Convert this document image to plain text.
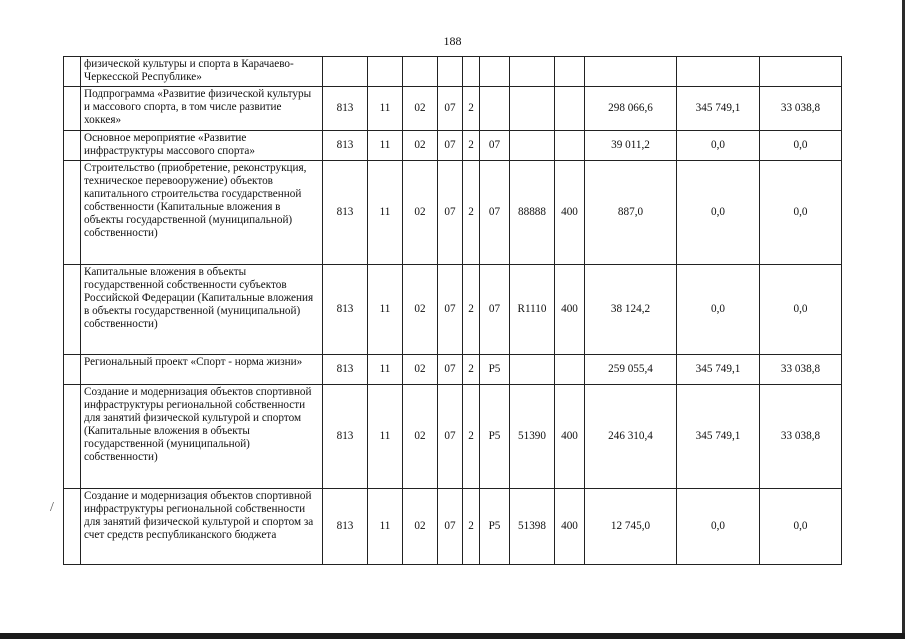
188
	физической культуры и спорта в Карачаево-Черкесской Республике»											
	Подпрограмма «Развитие физической культуры и массового спорта, в том числе развитие хоккея»	813	11	02	07	2				298 066,6	345 749,1	33 038,8
	Основное мероприятие «Развитие инфраструктуры массового спорта»	813	11	02	07	2	07			39 011,2	0,0	0,0
	Строительство (приобретение, реконструкция, техническое перевооружение) объектов капитального строительства государственной собственности (Капитальные вложения в объекты государственной (муниципальной) собственности)	813	11	02	07	2	07	88888	400	887,0	0,0	0,0
	Капитальные вложения в объекты государственной собственности субъектов Российской Федерации (Капитальные вложения в объекты государственной (муниципальной) собственности)	813	11	02	07	2	07	R1110	400	38 124,2	0,0	0,0
	Региональный проект «Спорт - норма жизни»	813	11	02	07	2	P5			259 055,4	345 749,1	33 038,8
	Создание и модернизация объектов спортивной инфраструктуры региональной собственности для занятий физической культурой и спортом (Капитальные вложения в объекты государственной (муниципальной) собственности)	813	11	02	07	2	P5	51390	400	246 310,4	345 749,1	33 038,8
	Создание и модернизация объектов спортивной инфраструктуры региональной собственности для занятий физической культурой и спортом за счет средств республиканского бюджета	813	11	02	07	2	P5	51398	400	12 745,0	0,0	0,0
/
